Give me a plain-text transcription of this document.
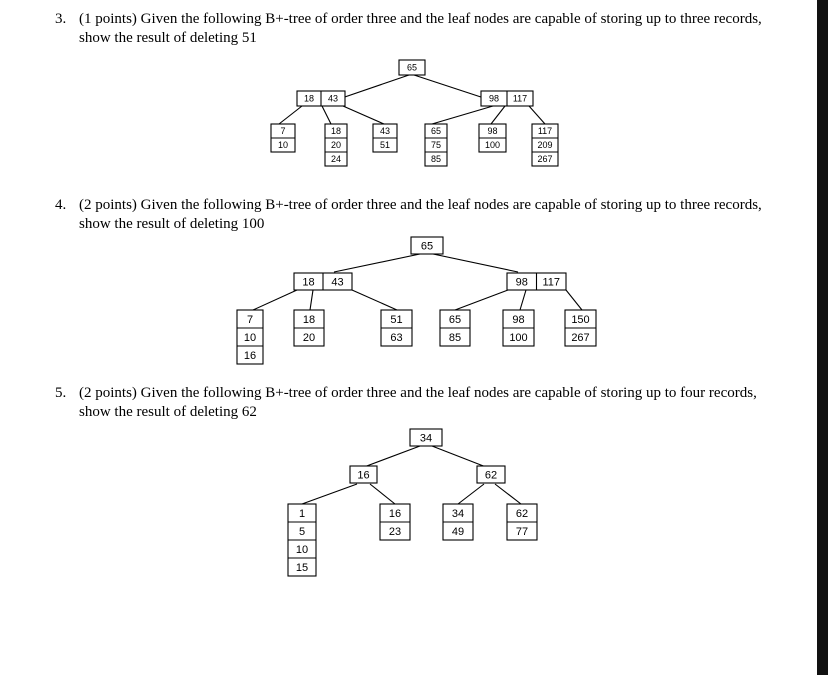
3. (1 points) Given the following B+-tree of order three and the leaf nodes are capable of storing up to three records, show the result of deleting 51
4. (2 points) Given the following B+-tree of order three and the leaf nodes are capable of storing up to three records, show the result of deleting 100
5. (2 points) Given the following B+-tree of order three and the leaf nodes are capable of storing up to four records, show the result of deleting 62
65
18 43	98 117
7
10
18
20
24
43
51
65
75
85
98
100
117
209
267
65
18 43	98 117
7
10
16
18
20
51
63
65
85
98
100
150
267
34
16	62
1
5
10
15
16
23
34
49
62
77
